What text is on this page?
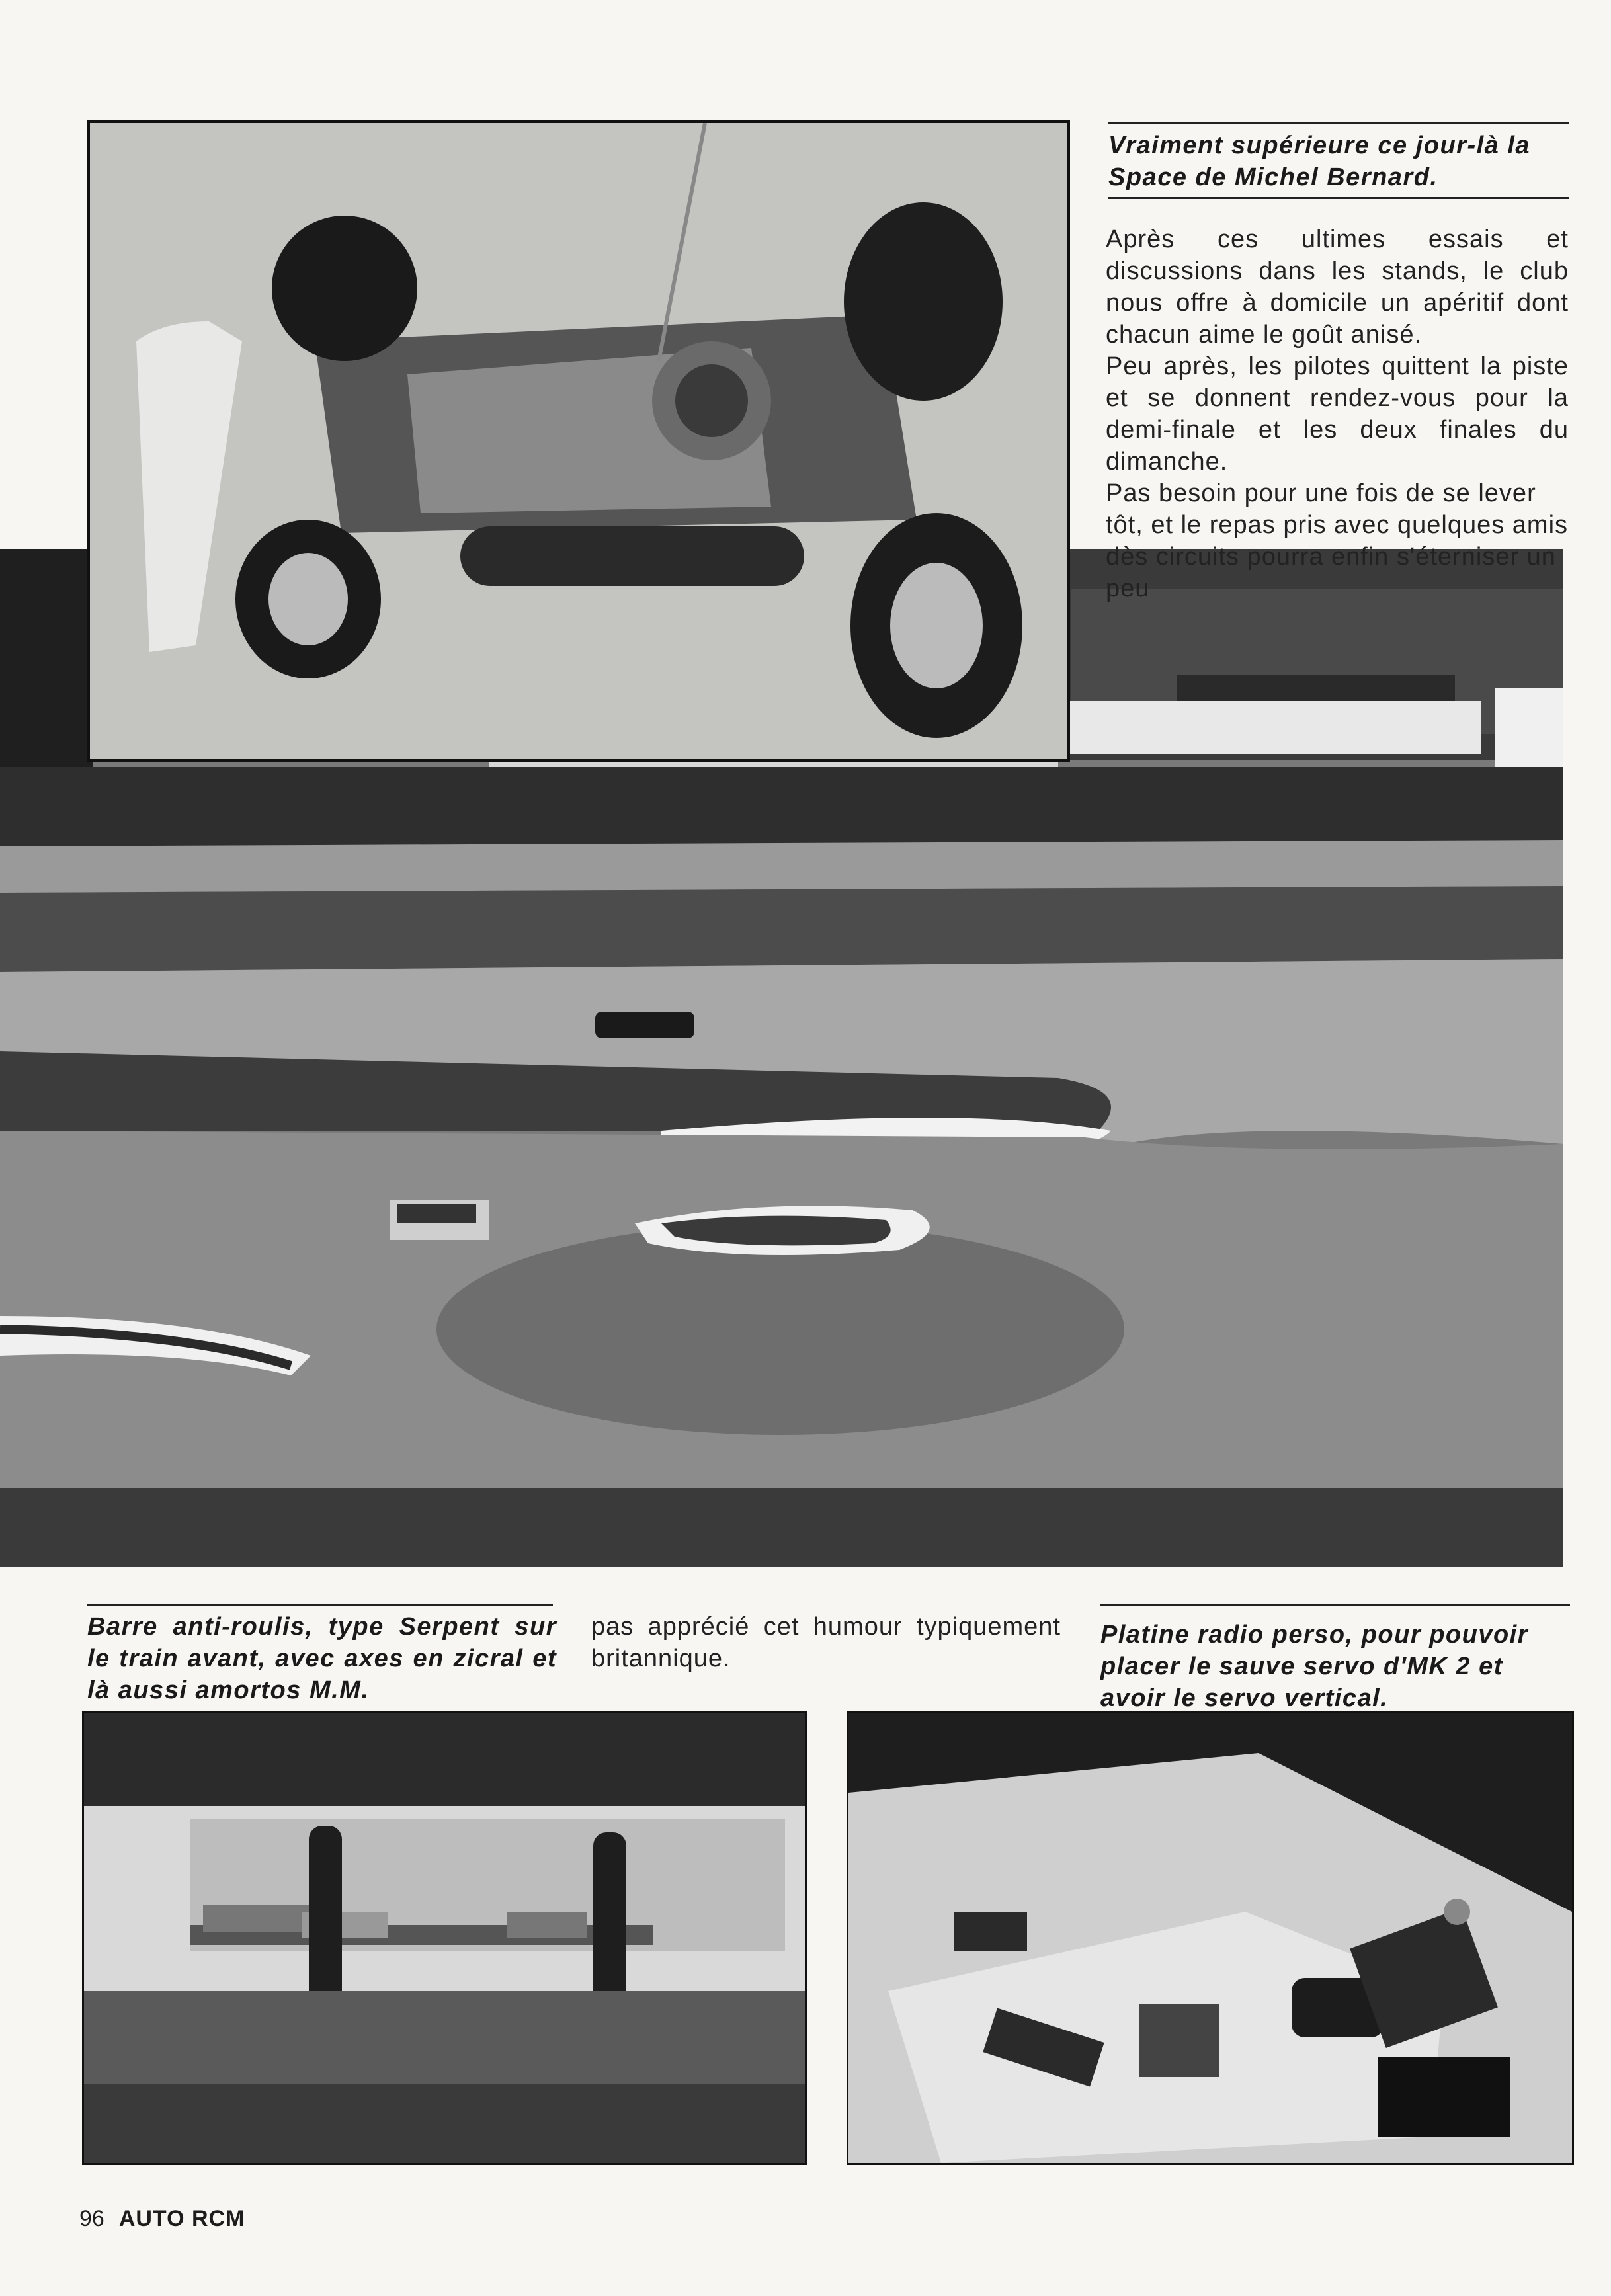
Vraiment supérieure ce jour-là la Space de Michel Bernard.

Après ces ultimes essais et discussions dans les stands, le club nous offre à domicile un apéritif dont chacun aime le goût anisé.

Peu après, les pilotes quittent la piste et se donnent rendez-vous pour la demi-finale et les deux finales du dimanche.

Pas besoin pour une fois de se lever tôt, et le repas pris avec quelques amis dès circuits pourra enfin s'éterniser un peu

Barre anti-roulis, type Serpent sur le train avant, avec axes en zicral et là aussi amortos M.M.

pas apprécié cet humour typiquement britannique.

Platine radio perso, pour pouvoir placer le sauve servo d'MK 2 et avoir le servo vertical.

96 AUTO RCM
